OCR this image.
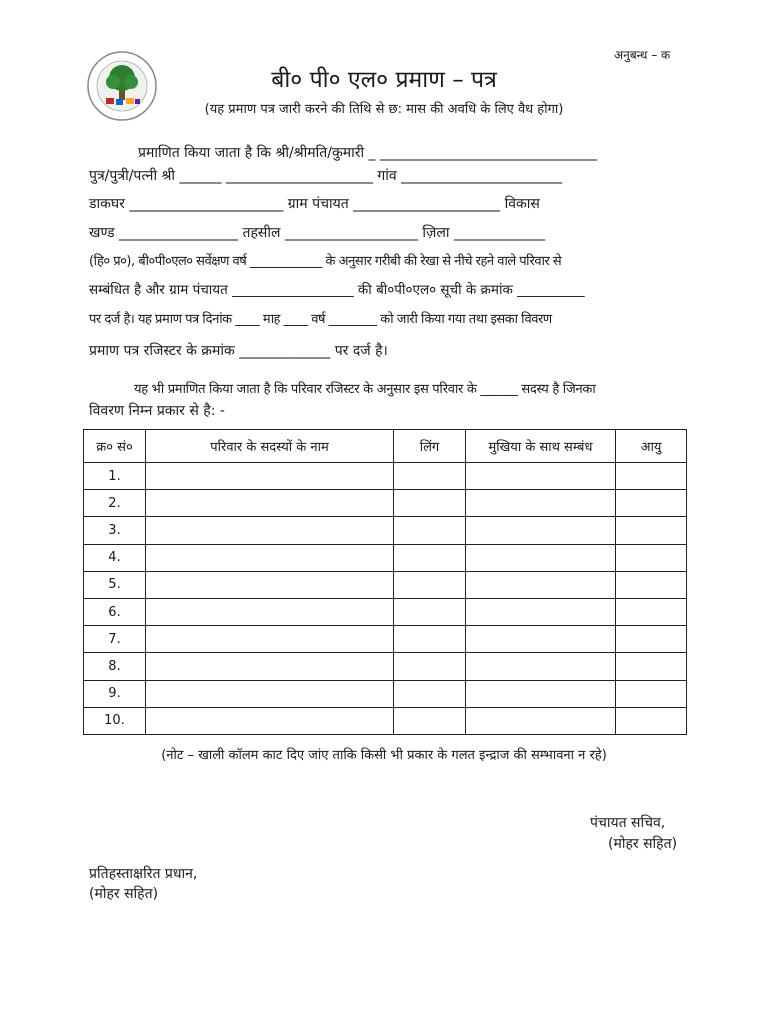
अनुबन्ध – क
बी० पी० एल० प्रमाण – पत्र
(यह प्रमाण पत्र जारी करने की तिथि से छ: मास की अवधि के लिए वैध होगा)
प्रमाणित किया जाता है कि श्री/श्रीमति/कुमारी _ _______________________________
पुत्र/पुत्री/पत्नी श्री ______ _____________________ गांव _______________________
डाकघर ______________________ ग्राम पंचायत _____________________ विकास
खण्ड _________________ तहसील ___________________ ज़िला _____________
(हि० प्र०), बी०पी०एल० सर्वेक्षण वर्ष ____________ के अनुसार गरीबी की रेखा से नीचे रहने वाले परिवार से
सम्बंधित है और ग्राम पंचायत __________________ की बी०पी०एल० सूची के क्रमांक __________
पर दर्ज है। यह प्रमाण पत्र दिनांक ____ माह ____ वर्ष ________ को जारी किया गया तथा इसका विवरण
प्रमाण पत्र रजिस्टर के क्रमांक _____________ पर दर्ज है।
यह भी प्रमाणित किया जाता है कि परिवार रजिस्टर के अनुसार इस परिवार के ______ सदस्य है जिनका
विवरण निम्न प्रकार से है: -
क्र० सं०	परिवार के सदस्यों के नाम	लिंग	मुखिया के साथ सम्बंध	आयु
1.				
2.				
3.				
4.				
5.				
6.				
7.				
8.				
9.				
10.				
(नोट – खाली कॉलम काट दिए जांए ताकि किसी भी प्रकार के गलत इन्द्राज की सम्भावना न रहे)
पंचायत सचिव,
(मोहर सहित)
प्रतिहस्ताक्षरित प्रधान,
(मोहर सहित)
